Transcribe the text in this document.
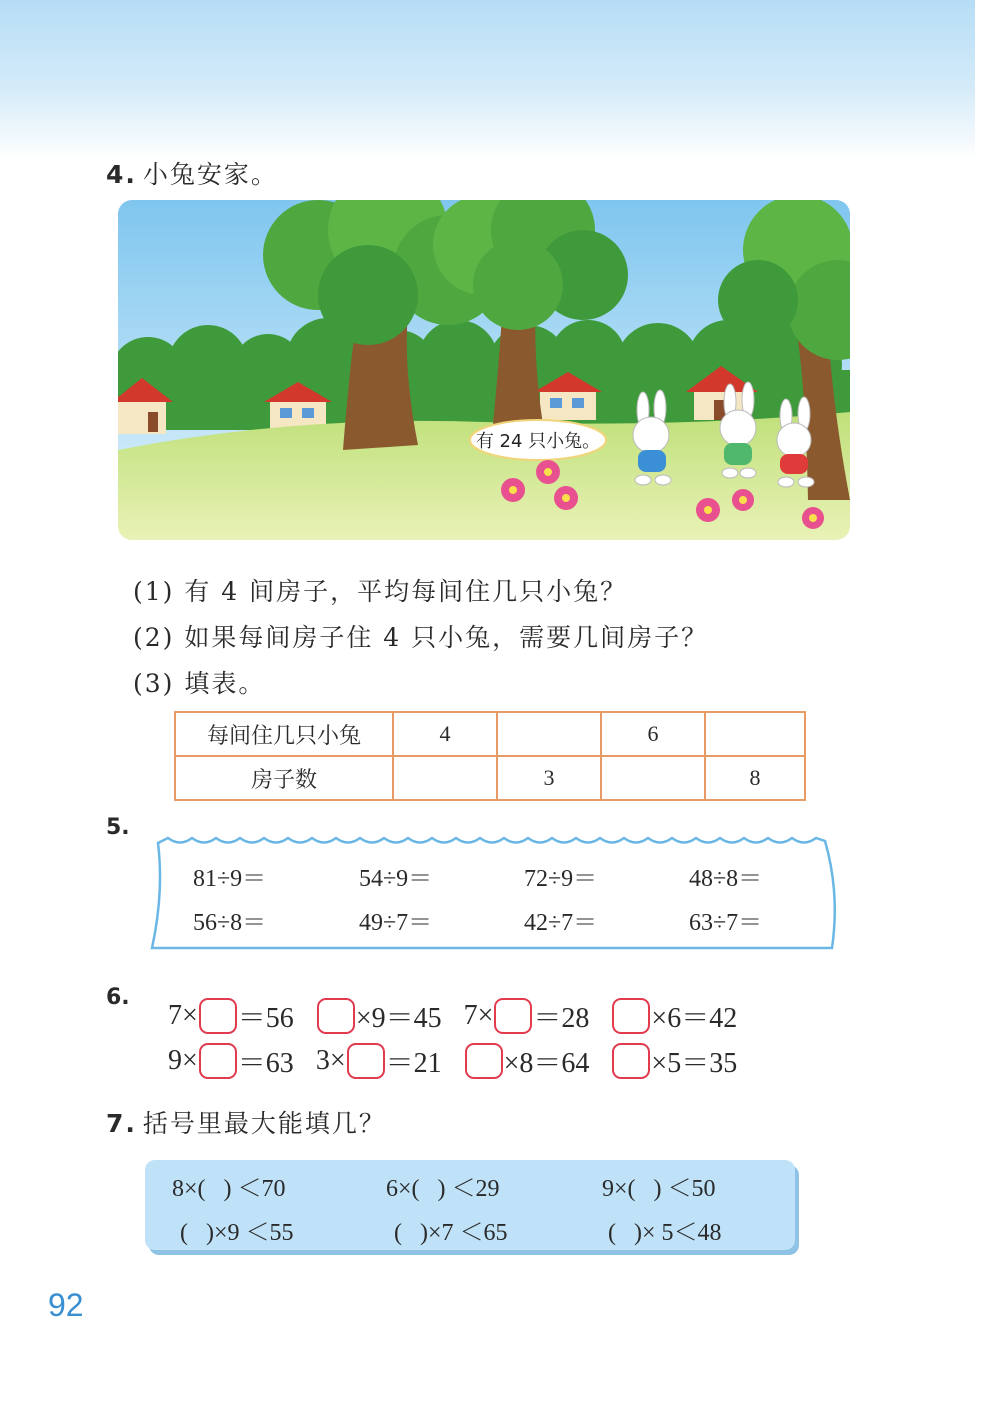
4. 小兔安家。
有 24 只小兔。
(1) 有 4 间房子，平均每间住几只小兔？
(2) 如果每间房子住 4 只小兔，需要几间房子？
(3) 填表。
每间住几只小兔	4		6	
房子数		3		8
5.
81÷9＝	54÷9＝	72÷9＝	48÷8＝
56÷8＝	49÷7＝	42÷7＝	63÷7＝
6.
7× ＝56 ×9＝45 7× ＝28 ×6＝42
9× ＝63 3× ＝21 ×8＝64 ×5＝35
7. 括号里最大能填几？
8×(   ) ＜70	6×(   ) ＜29	9×(   ) ＜50
(   )×9 ＜55	(   )×7 ＜65	(   )× 5＜48
92
